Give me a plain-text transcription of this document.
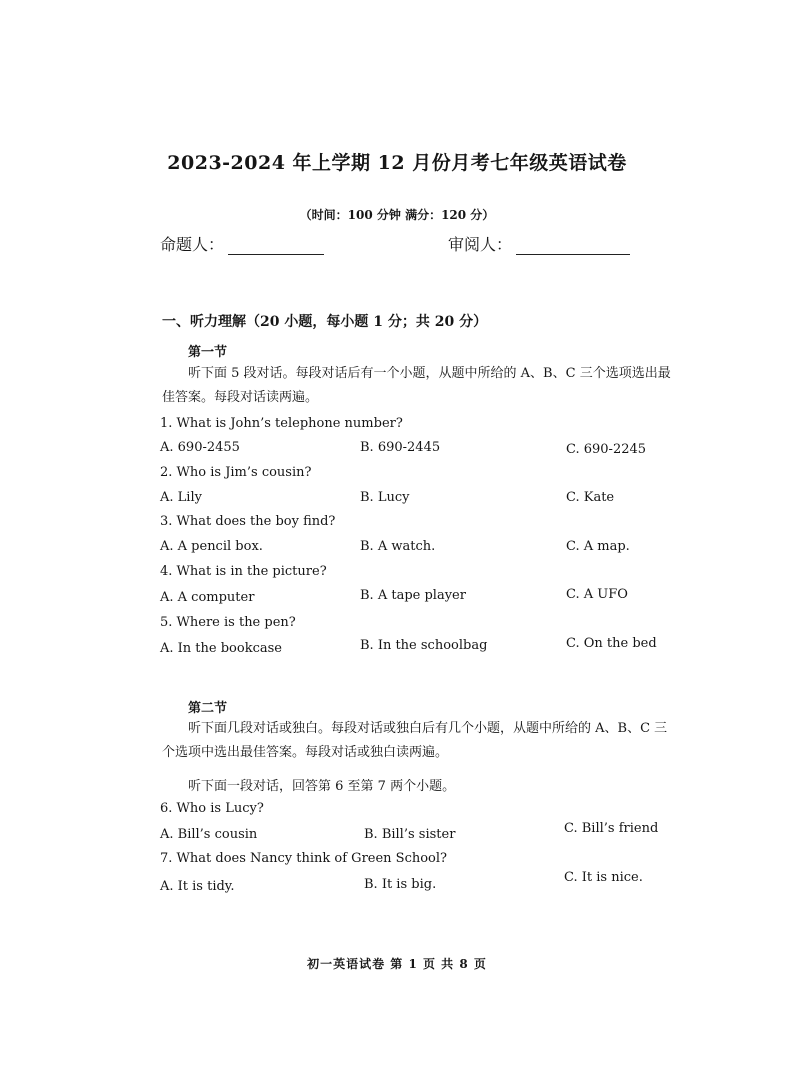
2023-2024 年上学期 12 月份月考七年级英语试卷
（时间：100 分钟 满分：120 分）
命题人：	审阅人：
一、听力理解（20 小题，每小题 1 分；共 20 分）
第一节
听下面 5 段对话。每段对话后有一个小题，从题中所给的 A、B、C 三个选项选出最佳答案。每段对话读两遍。
1. What is John’s telephone number?
A. 690-2455	B. 690-2445	C. 690-2245
2. Who is Jim’s cousin?
A. Lily	B. Lucy	C. Kate
3. What does the boy find?
A. A pencil box.	B. A watch.	C. A map.
4. What is in the picture?
A. A computer	B. A tape player	C. A UFO
5. Where is the pen?
A. In the bookcase	B. In the schoolbag	C. On the bed
第二节
听下面几段对话或独白。每段对话或独白后有几个小题，从题中所给的 A、B、C 三个选项中选出最佳答案。每段对话或独白读两遍。
听下面一段对话，回答第 6 至第 7 两个小题。
6. Who is Lucy?
A. Bill’s cousin	B. Bill’s sister	C. Bill’s friend
7. What does Nancy think of Green School?
A. It is tidy.	B. It is big.	C. It is nice.
初一英语试卷 第 1 页 共 8 页
